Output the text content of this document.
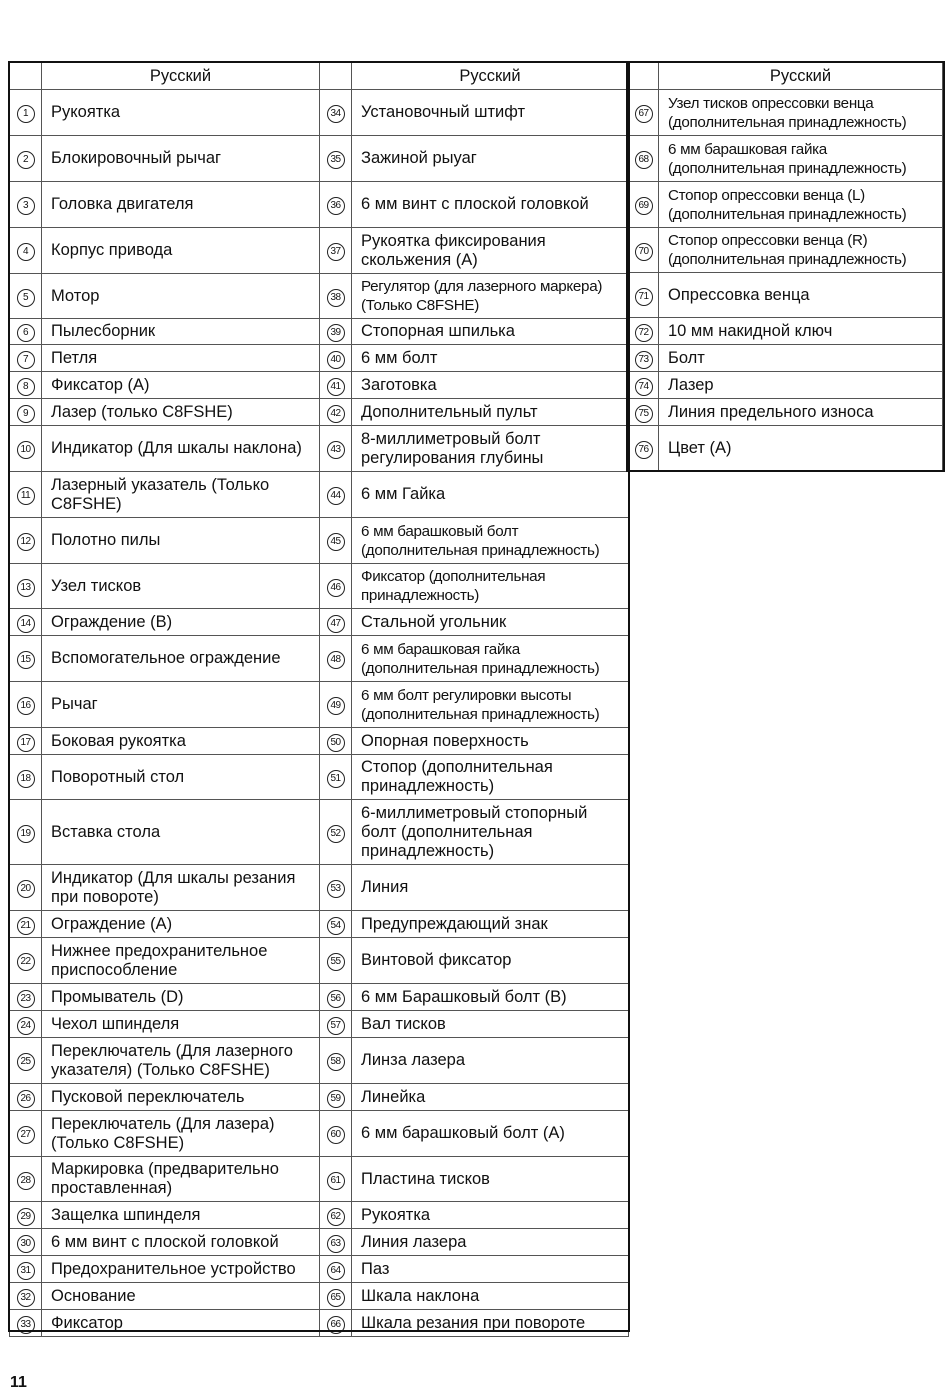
	Русский		Русский
1	Рукоятка	34	Установочный штифт
2	Блокировочный рычаг	35	Зажиной рыуаг
3	Головка двигателя	36	6 мм винт с плоской головкой
4	Корпус привода	37	Рукоятка фиксирования скольжения (А)
5	Мотор	38	Регулятор (для лазерного маркера) (Только C8FSHE)
6	Пылесборник	39	Стопорная шпилька
7	Петля	40	6 мм болт
8	Фиксатор (А)	41	Заготовка
9	Лазер (только C8FSHE)	42	Дополнительный пульт
10	Индикатор (Для шкалы наклона)	43	8-миллиметровый болт регулирования глубины
11	Лазерный указатель (Только C8FSHE)	44	6 мм Гайка
12	Полотно пилы	45	6 мм барашковый болт (дополнительная принадлежность)
13	Узел тисков	46	Фиксатор (дополнительная принадлежность)
14	Ограждение (В)	47	Стальной угольник
15	Вспомогательное ограждение	48	6 мм барашковая гайка (дополнительная принадлежность)
16	Рычаг	49	6 мм болт регулировки высоты (дополнительная принадлежность)
17	Боковая рукоятка	50	Опорная поверхность
18	Поворотный стол	51	Стопор (дополнительная принадлежность)
19	Вставка стола	52	6-миллиметровый стопорный болт (дополнительная принадлежность)
20	Индикатор (Для шкалы резания при повороте)	53	Линия
21	Ограждение (А)	54	Предупреждающий знак
22	Нижнее предохранительное приспособление	55	Винтовой фиксатор
23	Промыватель (D)	56	6 мм Барашковый болт (В)
24	Чехол шпинделя	57	Вал тисков
25	Переключатель (Для лазерного указателя) (Только C8FSHE)	58	Линза лазера
26	Пусковой переключатель	59	Линейка
27	Переключатель (Для лазера) (Только C8FSHE)	60	6 мм барашковый болт (А)
28	Маркировка (предварительно проставленная)	61	Пластина тисков
29	Защелка шпинделя	62	Рукоятка
30	6 мм винт с плоской головкой	63	Линия лазера
31	Предохранительное устройство	64	Паз
32	Основание	65	Шкала наклона
33	Фиксатор	66	Шкала резания при повороте
	Русский
67	Узел тисков опрессовки венца (дополнительная принадлежность)
68	6 мм барашковая гайка (дополнительная принадлежность)
69	Стопор опрессовки венца (L) (дополнительная принадлежность)
70	Стопор опрессовки венца (R) (дополнительная принадлежность)
71	Опрессовка венца
72	10 мм накидной ключ
73	Болт
74	Лазер
75	Линия предельного износа
76	Цвет (A)
11
